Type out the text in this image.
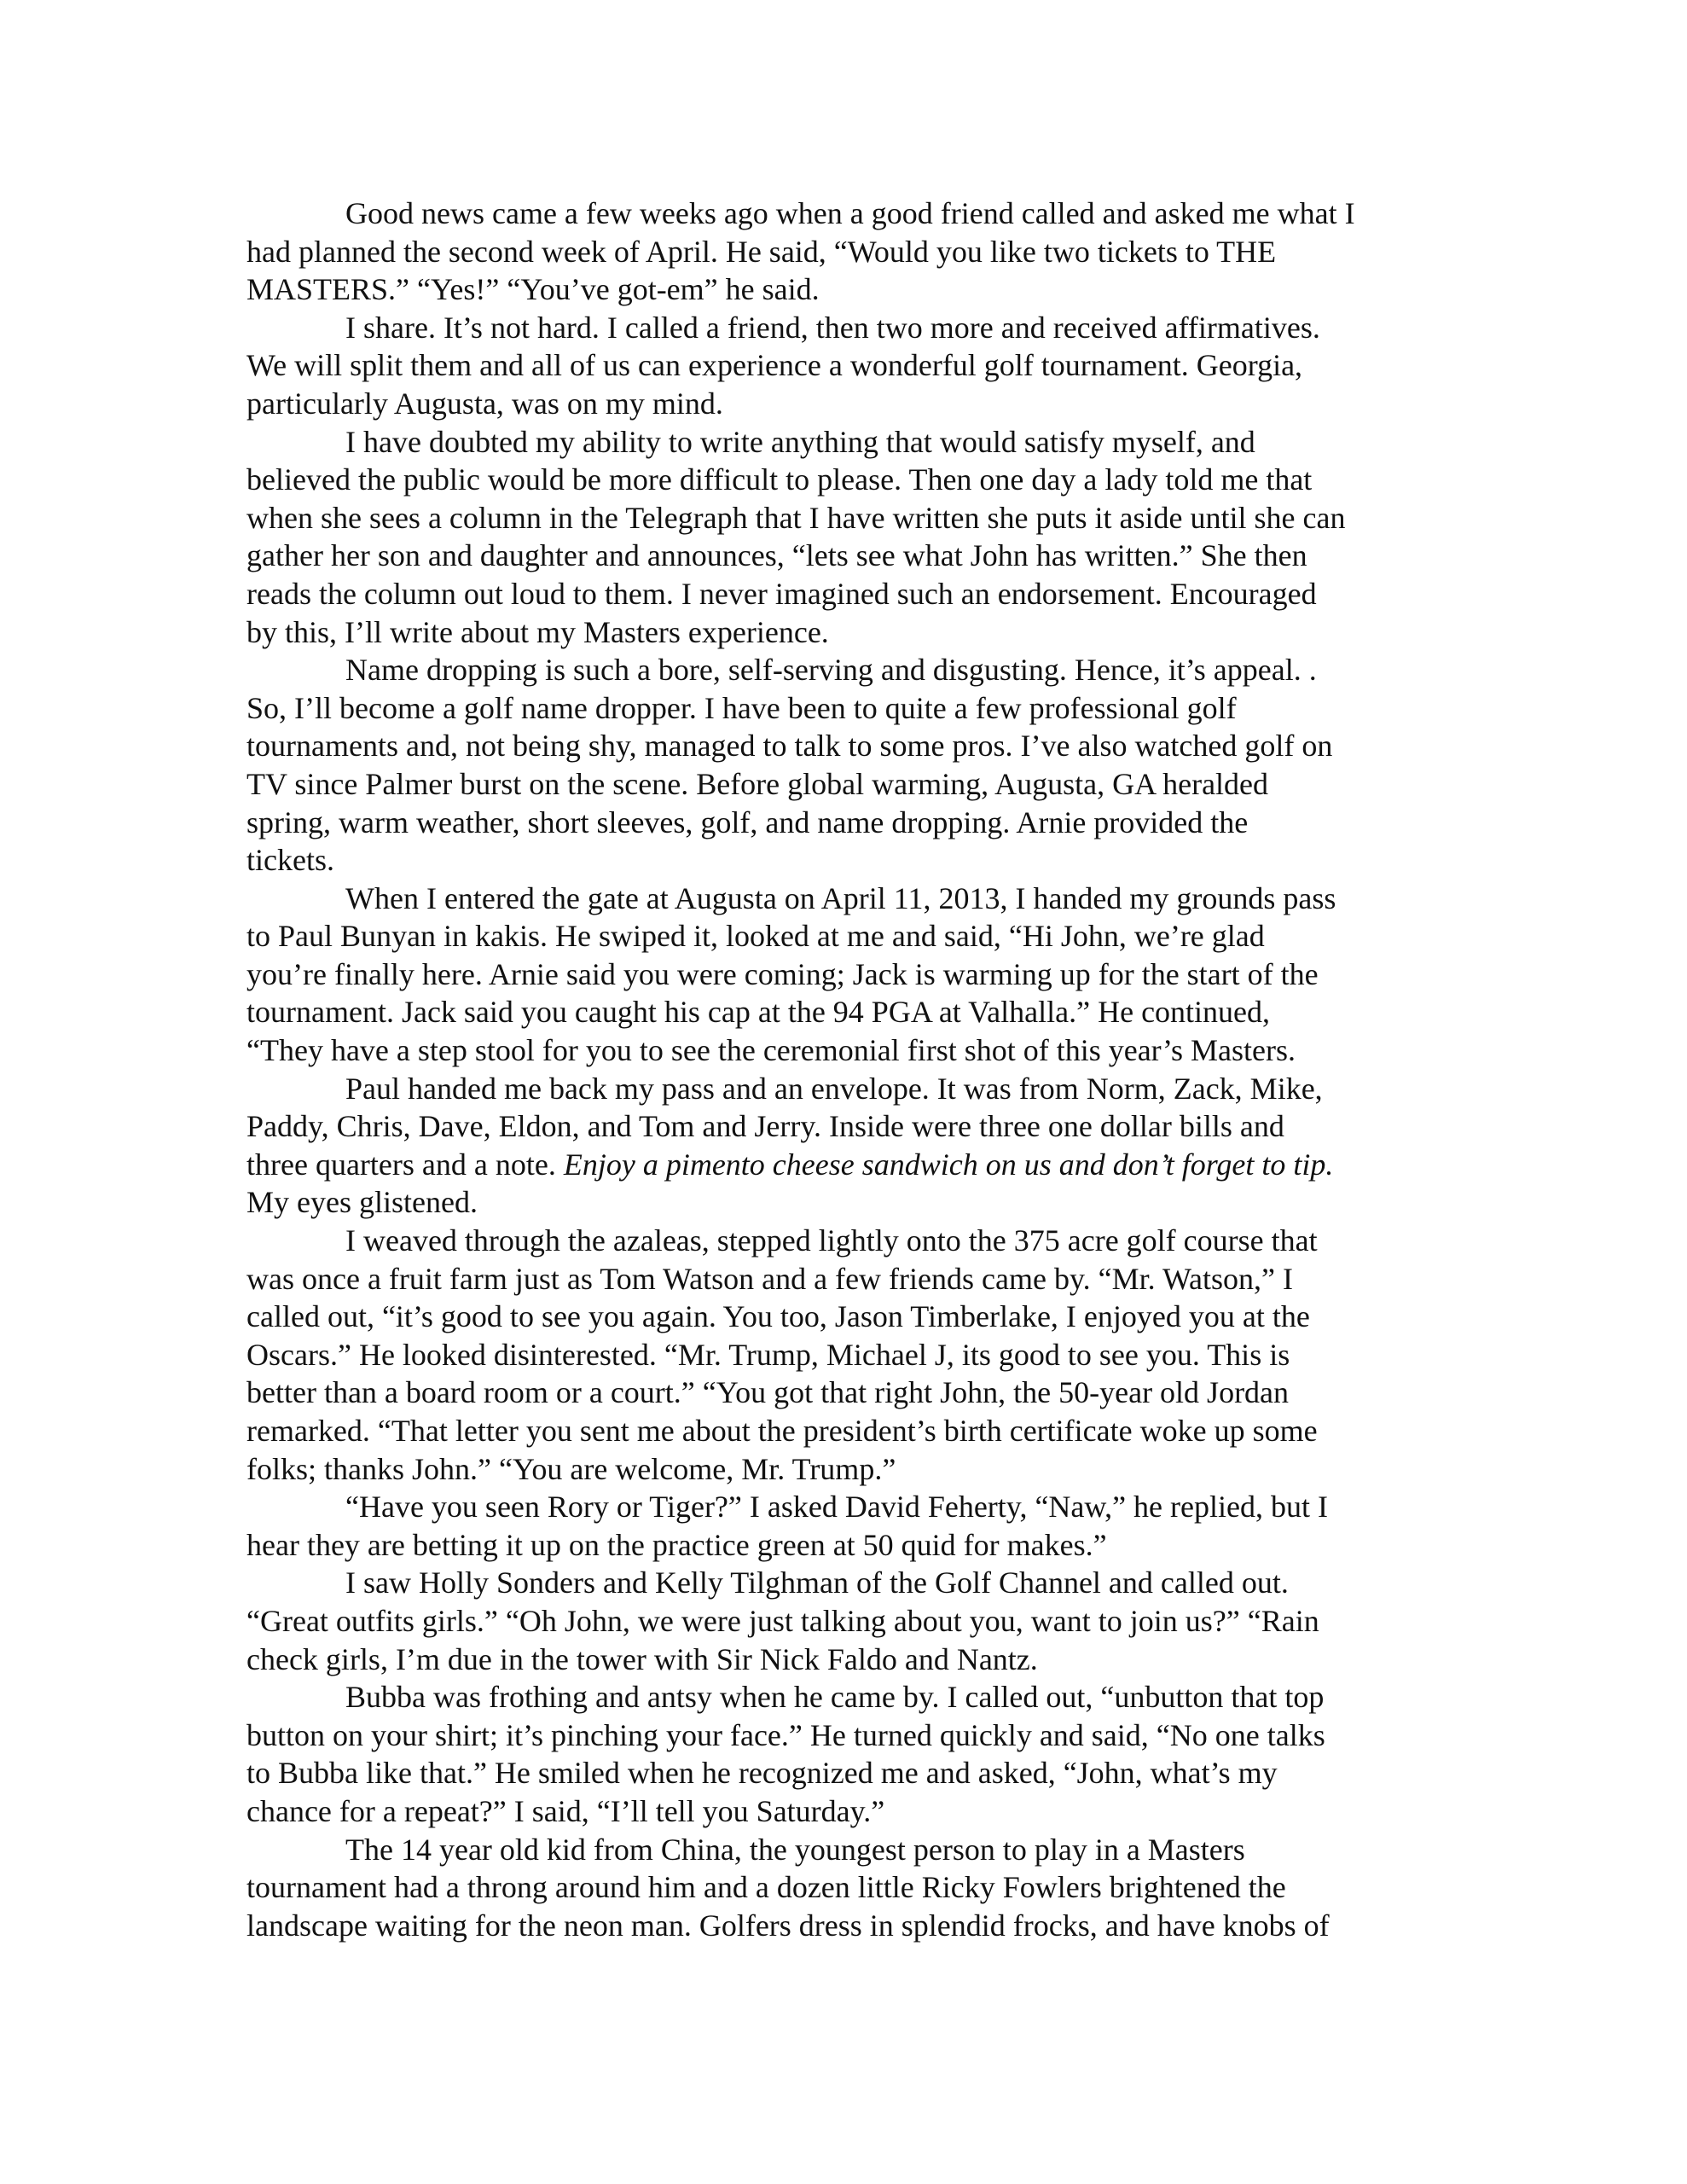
Good news came a few weeks ago when a good friend called and asked me what I
had planned the second week of April. He said, “Would you like two tickets to THE
MASTERS.” “Yes!” “You’ve got-em” he said.

I share. It’s not hard. I called a friend, then two more and received affirmatives.
We will split them and all of us can experience a wonderful golf tournament. Georgia,
particularly Augusta, was on my mind.

I have doubted my ability to write anything that would satisfy myself, and
believed the public would be more difficult to please. Then one day a lady told me that
when she sees a column in the Telegraph that I have written she puts it aside until she can
gather her son and daughter and announces, “lets see what John has written.” She then
reads the column out loud to them. I never imagined such an endorsement. Encouraged
by this, I’ll write about my Masters experience.

Name dropping is such a bore, self-serving and disgusting. Hence, it’s appeal. .
So, I’ll become a golf name dropper. I have been to quite a few professional golf
tournaments and, not being shy, managed to talk to some pros. I’ve also watched golf on
TV since Palmer burst on the scene. Before global warming, Augusta, GA heralded
spring, warm weather, short sleeves, golf, and name dropping. Arnie provided the
tickets.

When I entered the gate at Augusta on April 11, 2013, I handed my grounds pass
to Paul Bunyan in kakis. He swiped it, looked at me and said, “Hi John, we’re glad
you’re finally here. Arnie said you were coming; Jack is warming up for the start of the
tournament. Jack said you caught his cap at the 94 PGA at Valhalla.” He continued,
“They have a step stool for you to see the ceremonial first shot of this year’s Masters.

Paul handed me back my pass and an envelope. It was from Norm, Zack, Mike,
Paddy, Chris, Dave, Eldon, and Tom and Jerry. Inside were three one dollar bills and
three quarters and a note. Enjoy a pimento cheese sandwich on us and don’t forget to tip.
My eyes glistened.

I weaved through the azaleas, stepped lightly onto the 375 acre golf course that
was once a fruit farm just as Tom Watson and a few friends came by. “Mr. Watson,” I
called out, “it’s good to see you again. You too, Jason Timberlake, I enjoyed you at the
Oscars.” He looked disinterested. “Mr. Trump, Michael J, its good to see you. This is
better than a board room or a court.” “You got that right John, the 50-year old Jordan
remarked. “That letter you sent me about the president’s birth certificate woke up some
folks; thanks John.” “You are welcome, Mr. Trump.”

“Have you seen Rory or Tiger?” I asked David Feherty, “Naw,” he replied, but I
hear they are betting it up on the practice green at 50 quid for makes.”

I saw Holly Sonders and Kelly Tilghman of the Golf Channel and called out.
“Great outfits girls.” “Oh John, we were just talking about you, want to join us?” “Rain
check girls, I’m due in the tower with Sir Nick Faldo and Nantz.

Bubba was frothing and antsy when he came by. I called out, “unbutton that top
button on your shirt; it’s pinching your face.” He turned quickly and said, “No one talks
to Bubba like that.” He smiled when he recognized me and asked, “John, what’s my
chance for a repeat?” I said, “I’ll tell you Saturday.”

The 14 year old kid from China, the youngest person to play in a Masters
tournament had a throng around him and a dozen little Ricky Fowlers brightened the
landscape waiting for the neon man. Golfers dress in splendid frocks, and have knobs of
